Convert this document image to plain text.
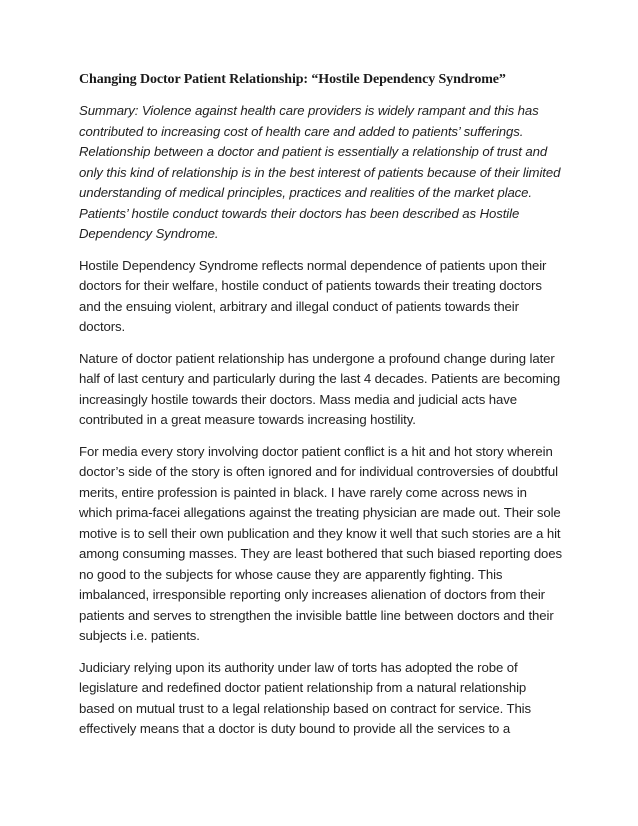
Changing Doctor Patient Relationship: “Hostile Dependency Syndrome”

Summary: Violence against health care providers is widely rampant and this has contributed to increasing cost of health care and added to patients’ sufferings. Relationship between a doctor and patient is essentially a relationship of trust and only this kind of relationship is in the best interest of patients because of their limited understanding of medical principles, practices and realities of the market place. Patients’ hostile conduct towards their doctors has been described as Hostile Dependency Syndrome.

Hostile Dependency Syndrome reflects normal dependence of patients upon their doctors for their welfare, hostile conduct of patients towards their treating doctors and the ensuing violent, arbitrary and illegal conduct of patients towards their doctors.

Nature of doctor patient relationship has undergone a profound change during later half of last century and particularly during the last 4 decades. Patients are becoming increasingly hostile towards their doctors. Mass media and judicial acts have contributed in a great measure towards increasing hostility.

For media every story involving doctor patient conflict is a hit and hot story wherein doctor’s side of the story is often ignored and for individual controversies of doubtful merits, entire profession is painted in black. I have rarely come across news in which prima-facei allegations against the treating physician are made out. Their sole motive is to sell their own publication and they know it well that such stories are a hit among consuming masses. They are least bothered that such biased reporting does no good to the subjects for whose cause they are apparently fighting. This imbalanced, irresponsible reporting only increases alienation of doctors from their patients and serves to strengthen the invisible battle line between doctors and their subjects i.e. patients.

Judiciary relying upon its authority under law of torts has adopted the robe of legislature and redefined doctor patient relationship from a natural relationship based on mutual trust to a legal relationship based on contract for service. This effectively means that a doctor is duty bound to provide all the services to a
